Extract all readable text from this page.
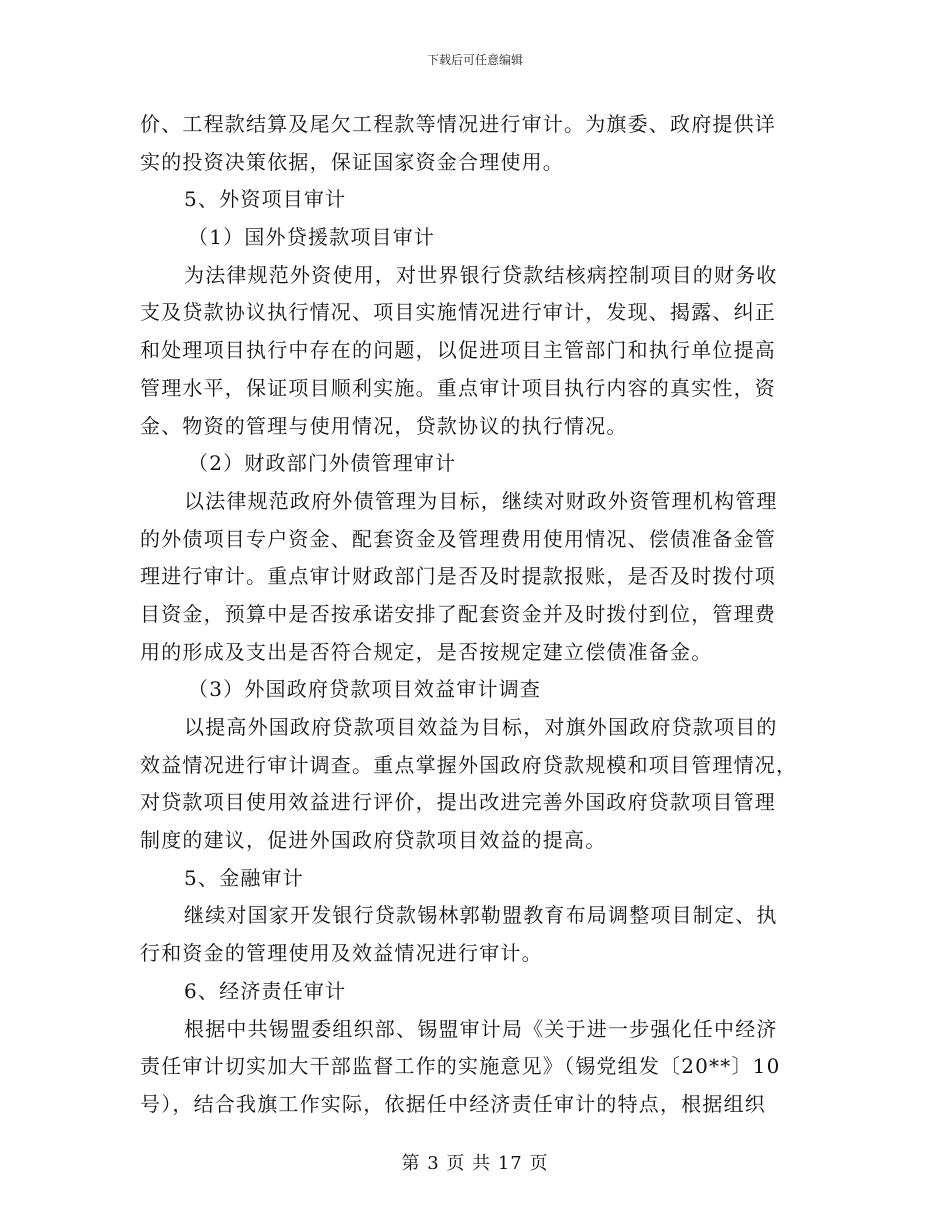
下载后可任意编辑
价、工程款结算及尾欠工程款等情况进行审计。为旗委、政府提供详
实的投资决策依据，保证国家资金合理使用。
5、外资项目审计
（1）国外贷援款项目审计
为法律规范外资使用，对世界银行贷款结核病控制项目的财务收
支及贷款协议执行情况、项目实施情况进行审计，发现、揭露、纠正
和处理项目执行中存在的问题，以促进项目主管部门和执行单位提高
管理水平，保证项目顺利实施。重点审计项目执行内容的真实性，资
金、物资的管理与使用情况，贷款协议的执行情况。
（2）财政部门外债管理审计
以法律规范政府外债管理为目标，继续对财政外资管理机构管理
的外债项目专户资金、配套资金及管理费用使用情况、偿债准备金管
理进行审计。重点审计财政部门是否及时提款报账，是否及时拨付项
目资金，预算中是否按承诺安排了配套资金并及时拨付到位，管理费
用的形成及支出是否符合规定，是否按规定建立偿债准备金。
（3）外国政府贷款项目效益审计调查
以提高外国政府贷款项目效益为目标，对旗外国政府贷款项目的
效益情况进行审计调查。重点掌握外国政府贷款规模和项目管理情况，
对贷款项目使用效益进行评价，提出改进完善外国政府贷款项目管理
制度的建议，促进外国政府贷款项目效益的提高。
5、金融审计
继续对国家开发银行贷款锡林郭勒盟教育布局调整项目制定、执
行和资金的管理使用及效益情况进行审计。
6、经济责任审计
根据中共锡盟委组织部、锡盟审计局《关于进一步强化任中经济
责任审计切实加大干部监督工作的实施意见》（锡党组发〔20**〕10
号），结合我旗工作实际，依据任中经济责任审计的特点，根据组织
第 3 页 共 17 页
